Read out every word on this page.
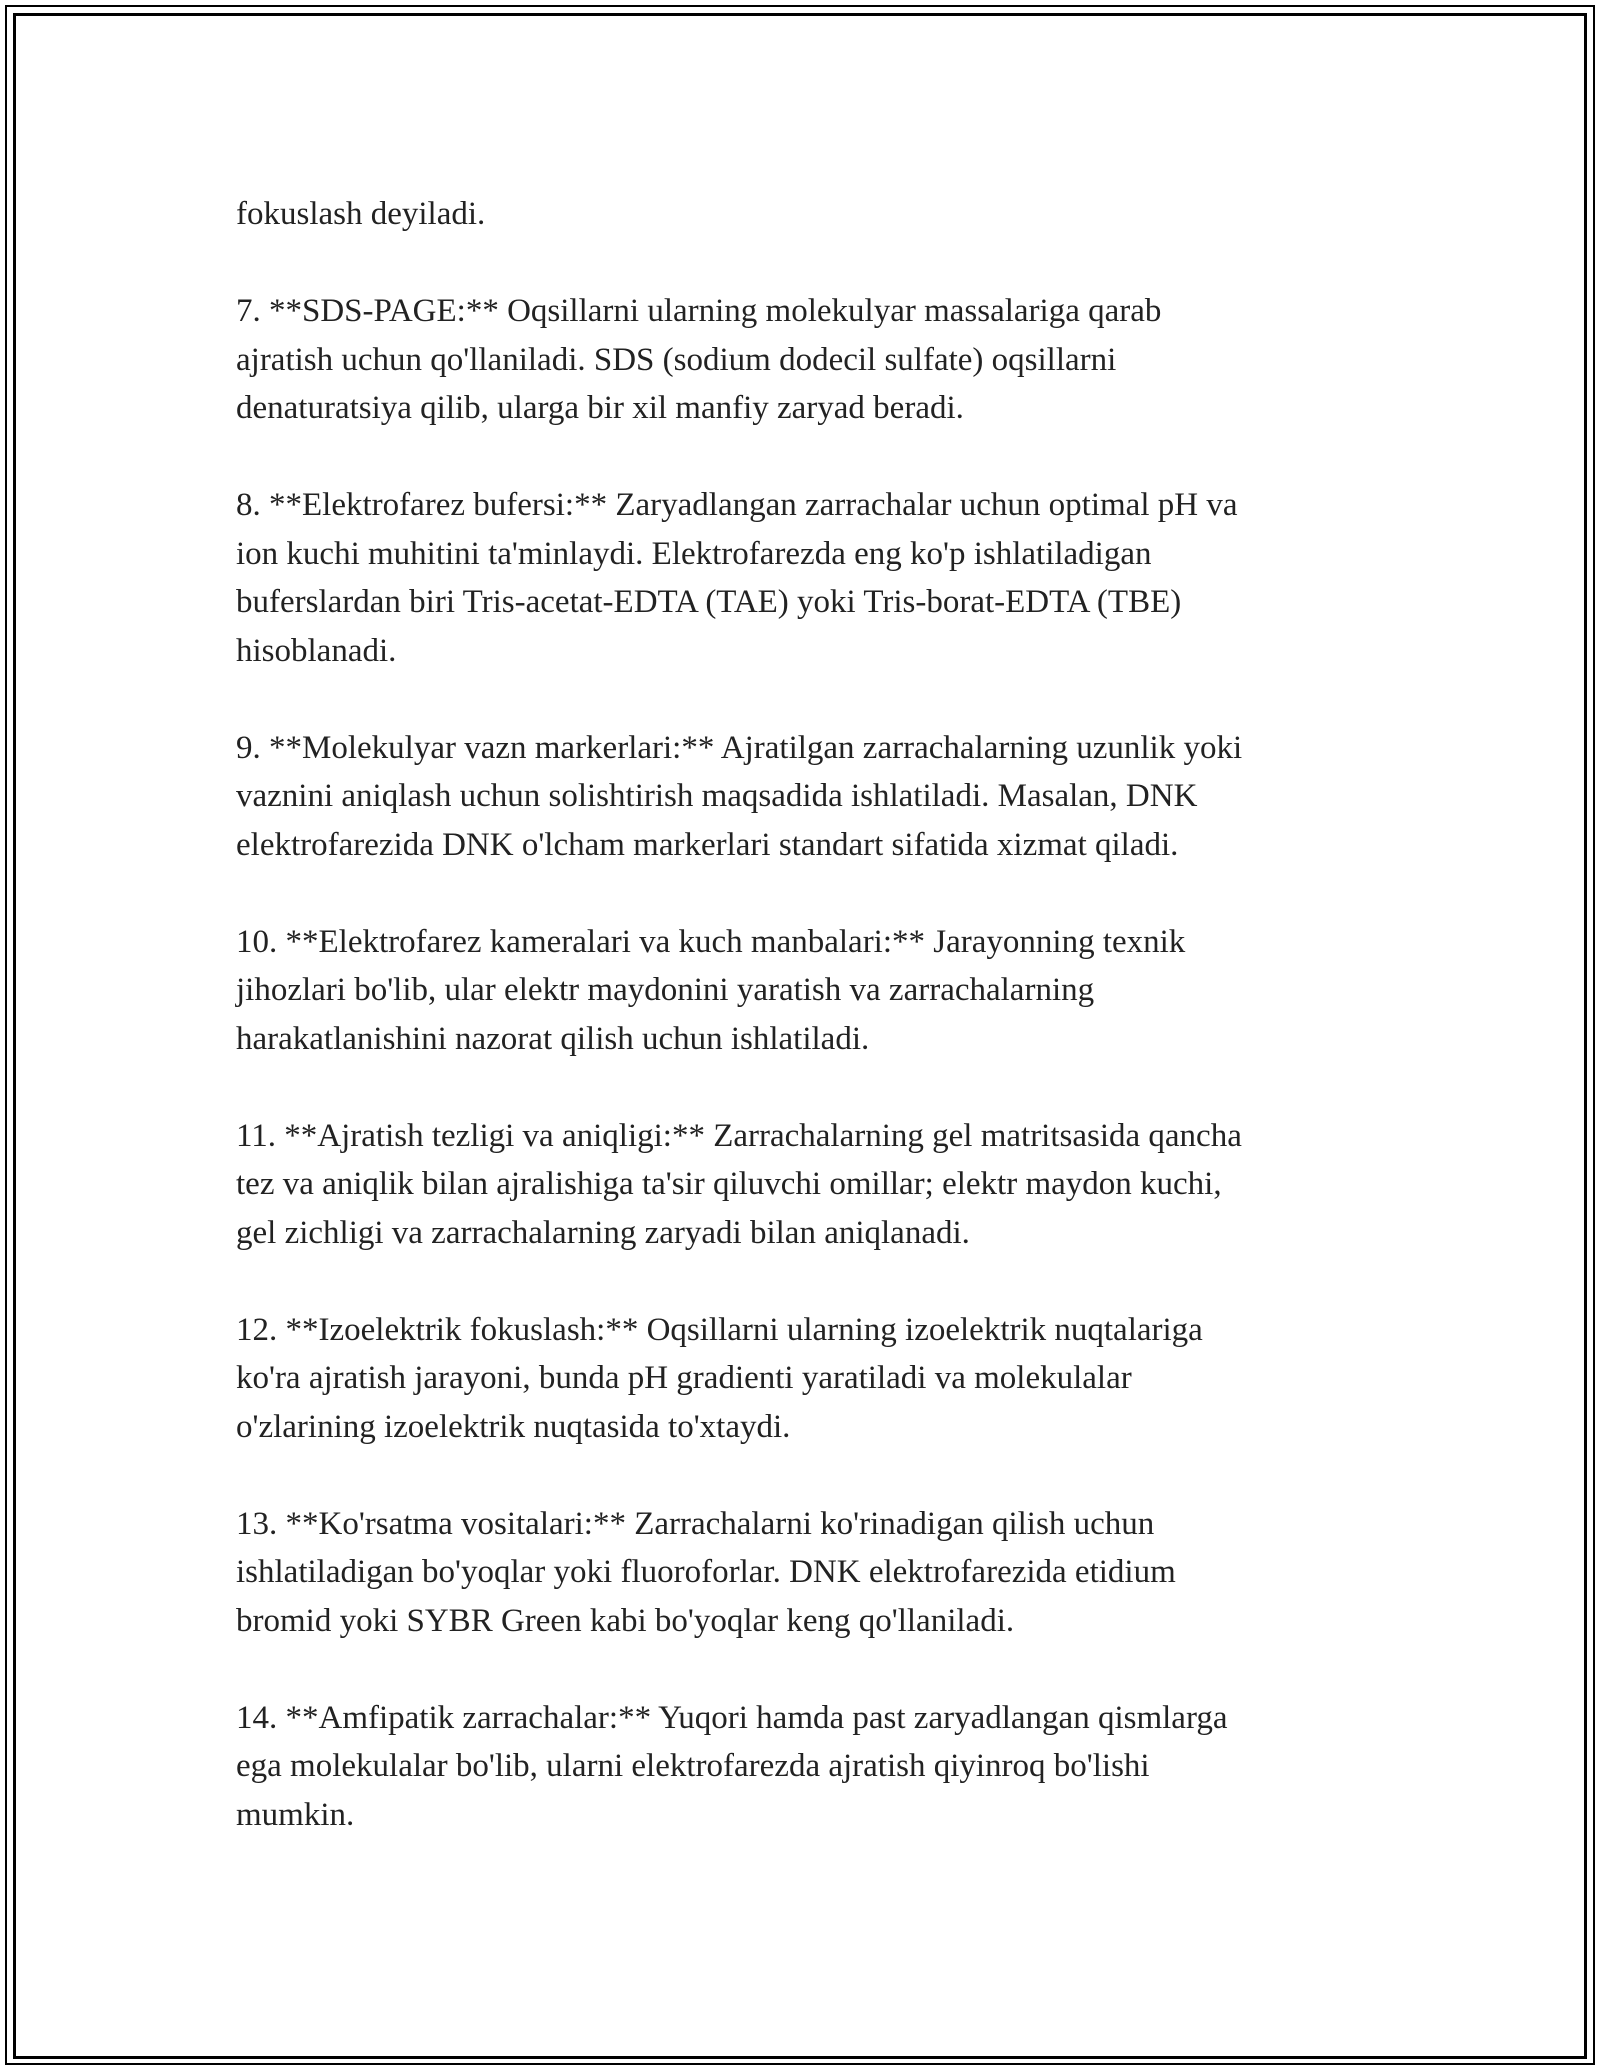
fokuslash deyiladi.

7. **SDS-PAGE:** Oqsillarni ularning molekulyar massalariga qarab
ajratish uchun qo'llaniladi. SDS (sodium dodecil sulfate) oqsillarni
denaturatsiya qilib, ularga bir xil manfiy zaryad beradi.

8. **Elektrofarez bufersi:** Zaryadlangan zarrachalar uchun optimal pH va
ion kuchi muhitini ta'minlaydi. Elektrofarezda eng ko'p ishlatiladigan
buferslardan biri Tris-acetat-EDTA (TAE) yoki Tris-borat-EDTA (TBE)
hisoblanadi.

9. **Molekulyar vazn markerlari:** Ajratilgan zarrachalarning uzunlik yoki
vaznini aniqlash uchun solishtirish maqsadida ishlatiladi. Masalan, DNK
elektrofarezida DNK o'lcham markerlari standart sifatida xizmat qiladi.

10. **Elektrofarez kameralari va kuch manbalari:** Jarayonning texnik
jihozlari bo'lib, ular elektr maydonini yaratish va zarrachalarning
harakatlanishini nazorat qilish uchun ishlatiladi.

11. **Ajratish tezligi va aniqligi:** Zarrachalarning gel matritsasida qancha
tez va aniqlik bilan ajralishiga ta'sir qiluvchi omillar; elektr maydon kuchi,
gel zichligi va zarrachalarning zaryadi bilan aniqlanadi.

12. **Izoelektrik fokuslash:** Oqsillarni ularning izoelektrik nuqtalariga
ko'ra ajratish jarayoni, bunda pH gradienti yaratiladi va molekulalar
o'zlarining izoelektrik nuqtasida to'xtaydi.

13. **Ko'rsatma vositalari:** Zarrachalarni ko'rinadigan qilish uchun
ishlatiladigan bo'yoqlar yoki fluoroforlar. DNK elektrofarezida etidium
bromid yoki SYBR Green kabi bo'yoqlar keng qo'llaniladi.

14. **Amfipatik zarrachalar:** Yuqori hamda past zaryadlangan qismlarga
ega molekulalar bo'lib, ularni elektrofarezda ajratish qiyinroq bo'lishi
mumkin.
